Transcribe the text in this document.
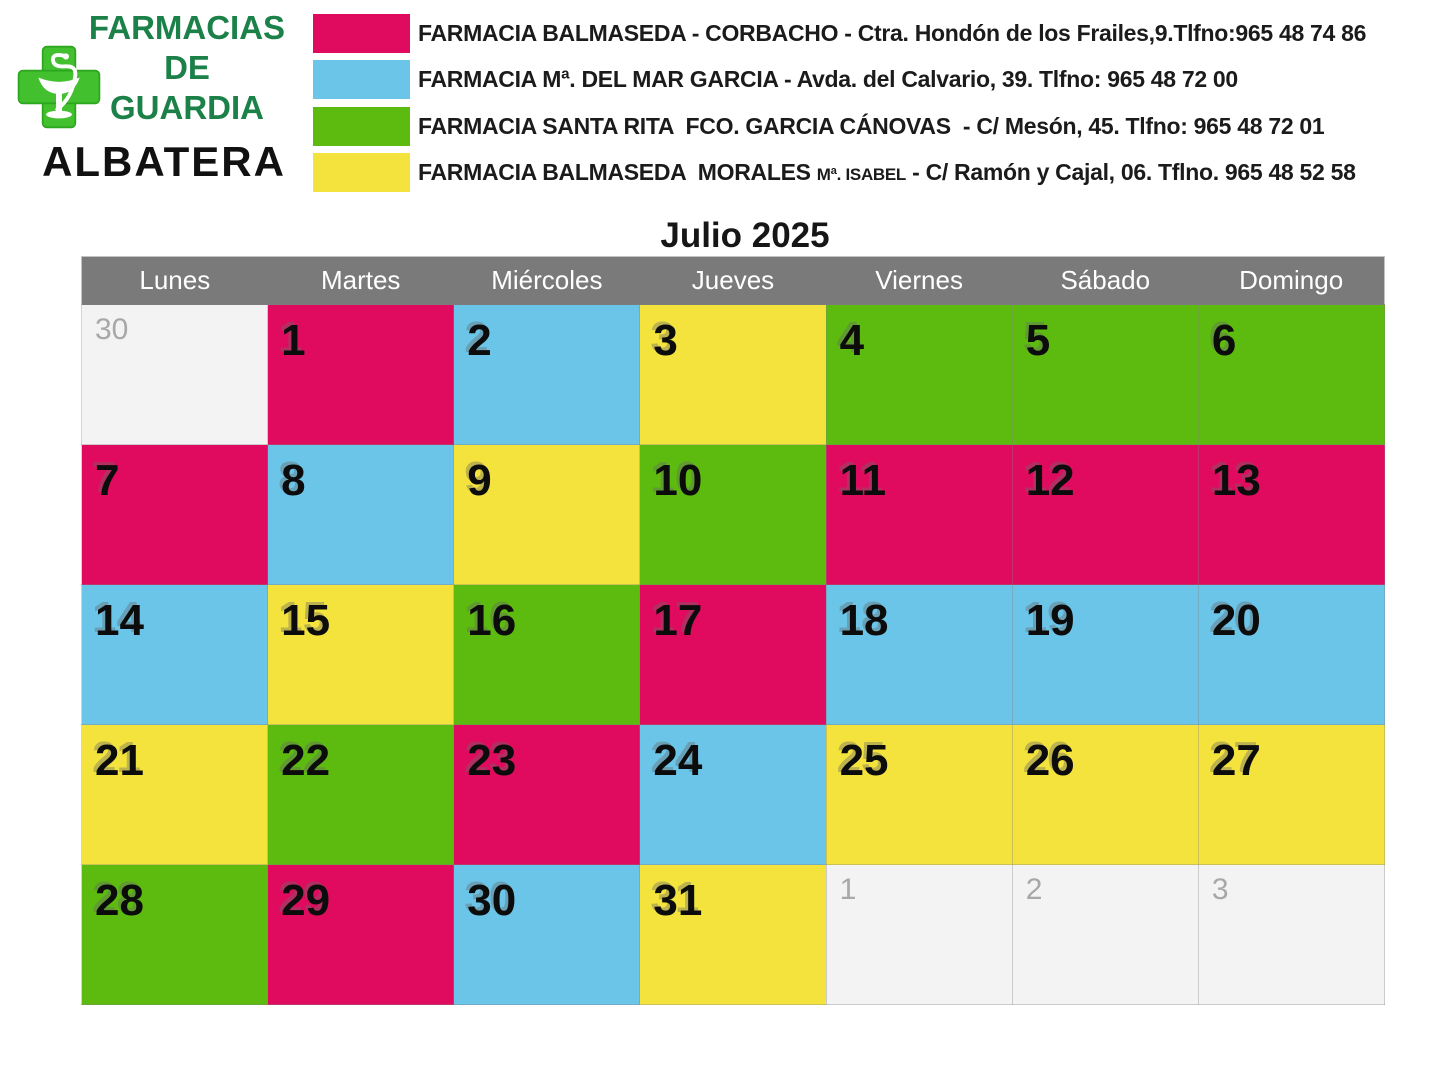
FARMACIAS
DE
GUARDIA
ALBATERA
FARMACIA BALMASEDA - CORBACHO - Ctra. Hondón de los Frailes,9.Tlfno:965 48 74 86
FARMACIA Mª. DEL MAR GARCIA - Avda. del Calvario, 39. Tlfno: 965 48 72 00
FARMACIA SANTA RITA  FCO. GARCIA CÁNOVAS  - C/ Mesón, 45. Tlfno: 965 48 72 01
FARMACIA BALMASEDA  MORALES Mª. ISABEL - C/ Ramón y Cajal, 06. Tflno. 965 48 52 58
Julio 2025
Lunes	Martes	Miércoles	Jueves	Viernes	Sábado	Domingo

30	1	2	3	4	5	6

7	8	9	10	11	12	13

14	15	16	17	18	19	20

21	22	23	24	25	26	27

28	29	30	31	1	2	3
